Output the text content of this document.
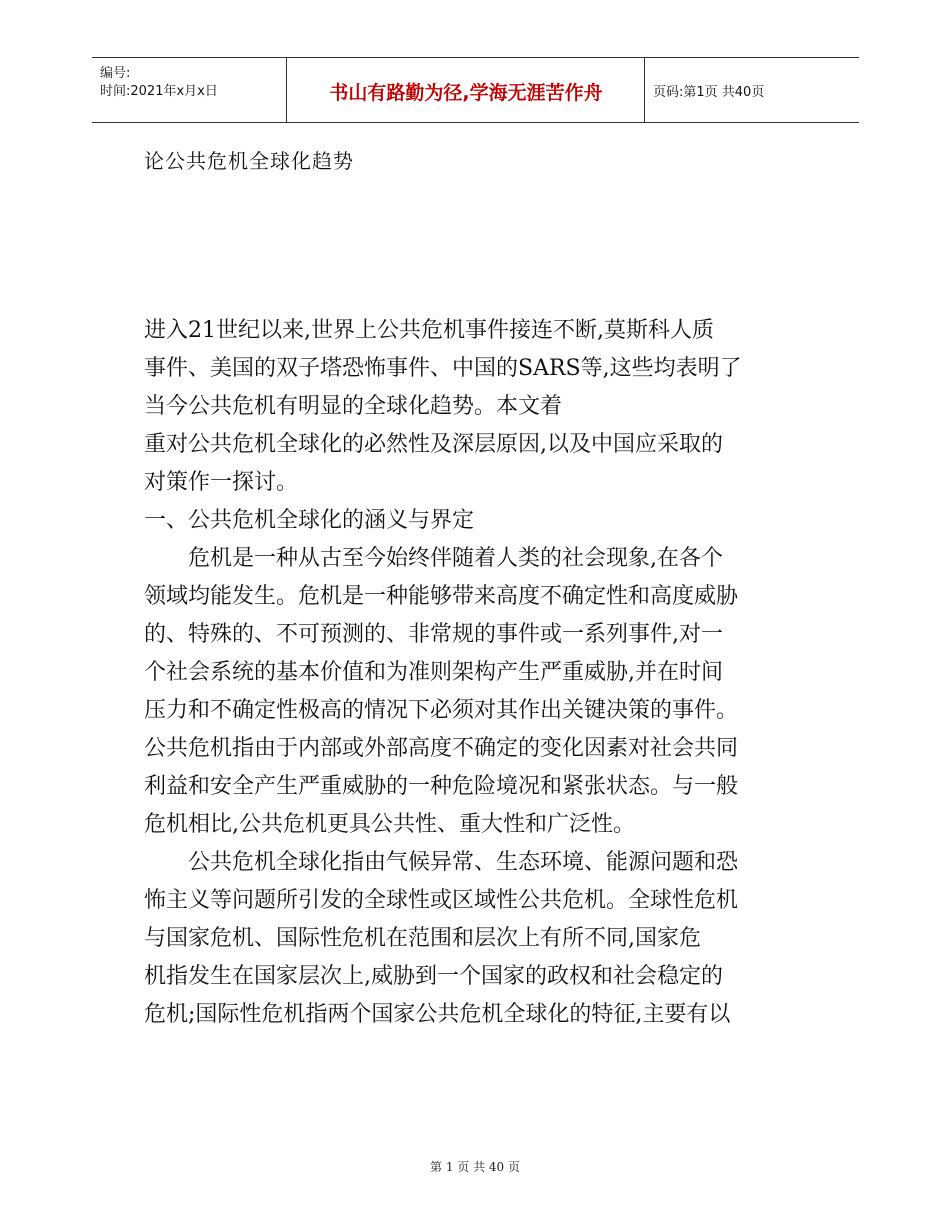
编号:
时间:2021年x月x日	书山有路勤为径,学海无涯苦作舟	页码:第1页 共40页
论公共危机全球化趋势
进入21世纪以来,世界上公共危机事件接连不断,莫斯科人质
事件、美国的双子塔恐怖事件、中国的SARS等,这些均表明了
当今公共危机有明显的全球化趋势。本文着
重对公共危机全球化的必然性及深层原因,以及中国应采取的
对策作一探讨。
一、公共危机全球化的涵义与界定
危机是一种从古至今始终伴随着人类的社会现象,在各个
领域均能发生。危机是一种能够带来高度不确定性和高度威胁
的、特殊的、不可预测的、非常规的事件或一系列事件,对一
个社会系统的基本价值和为准则架构产生严重威胁,并在时间
压力和不确定性极高的情况下必须对其作出关键决策的事件。
公共危机指由于内部或外部高度不确定的变化因素对社会共同
利益和安全产生严重威胁的一种危险境况和紧张状态。与一般
危机相比,公共危机更具公共性、重大性和广泛性。
公共危机全球化指由气候异常、生态环境、能源问题和恐
怖主义等问题所引发的全球性或区域性公共危机。全球性危机
与国家危机、国际性危机在范围和层次上有所不同,国家危
机指发生在国家层次上,威胁到一个国家的政权和社会稳定的
危机;国际性危机指两个国家公共危机全球化的特征,主要有以
第 1 页 共 40 页
